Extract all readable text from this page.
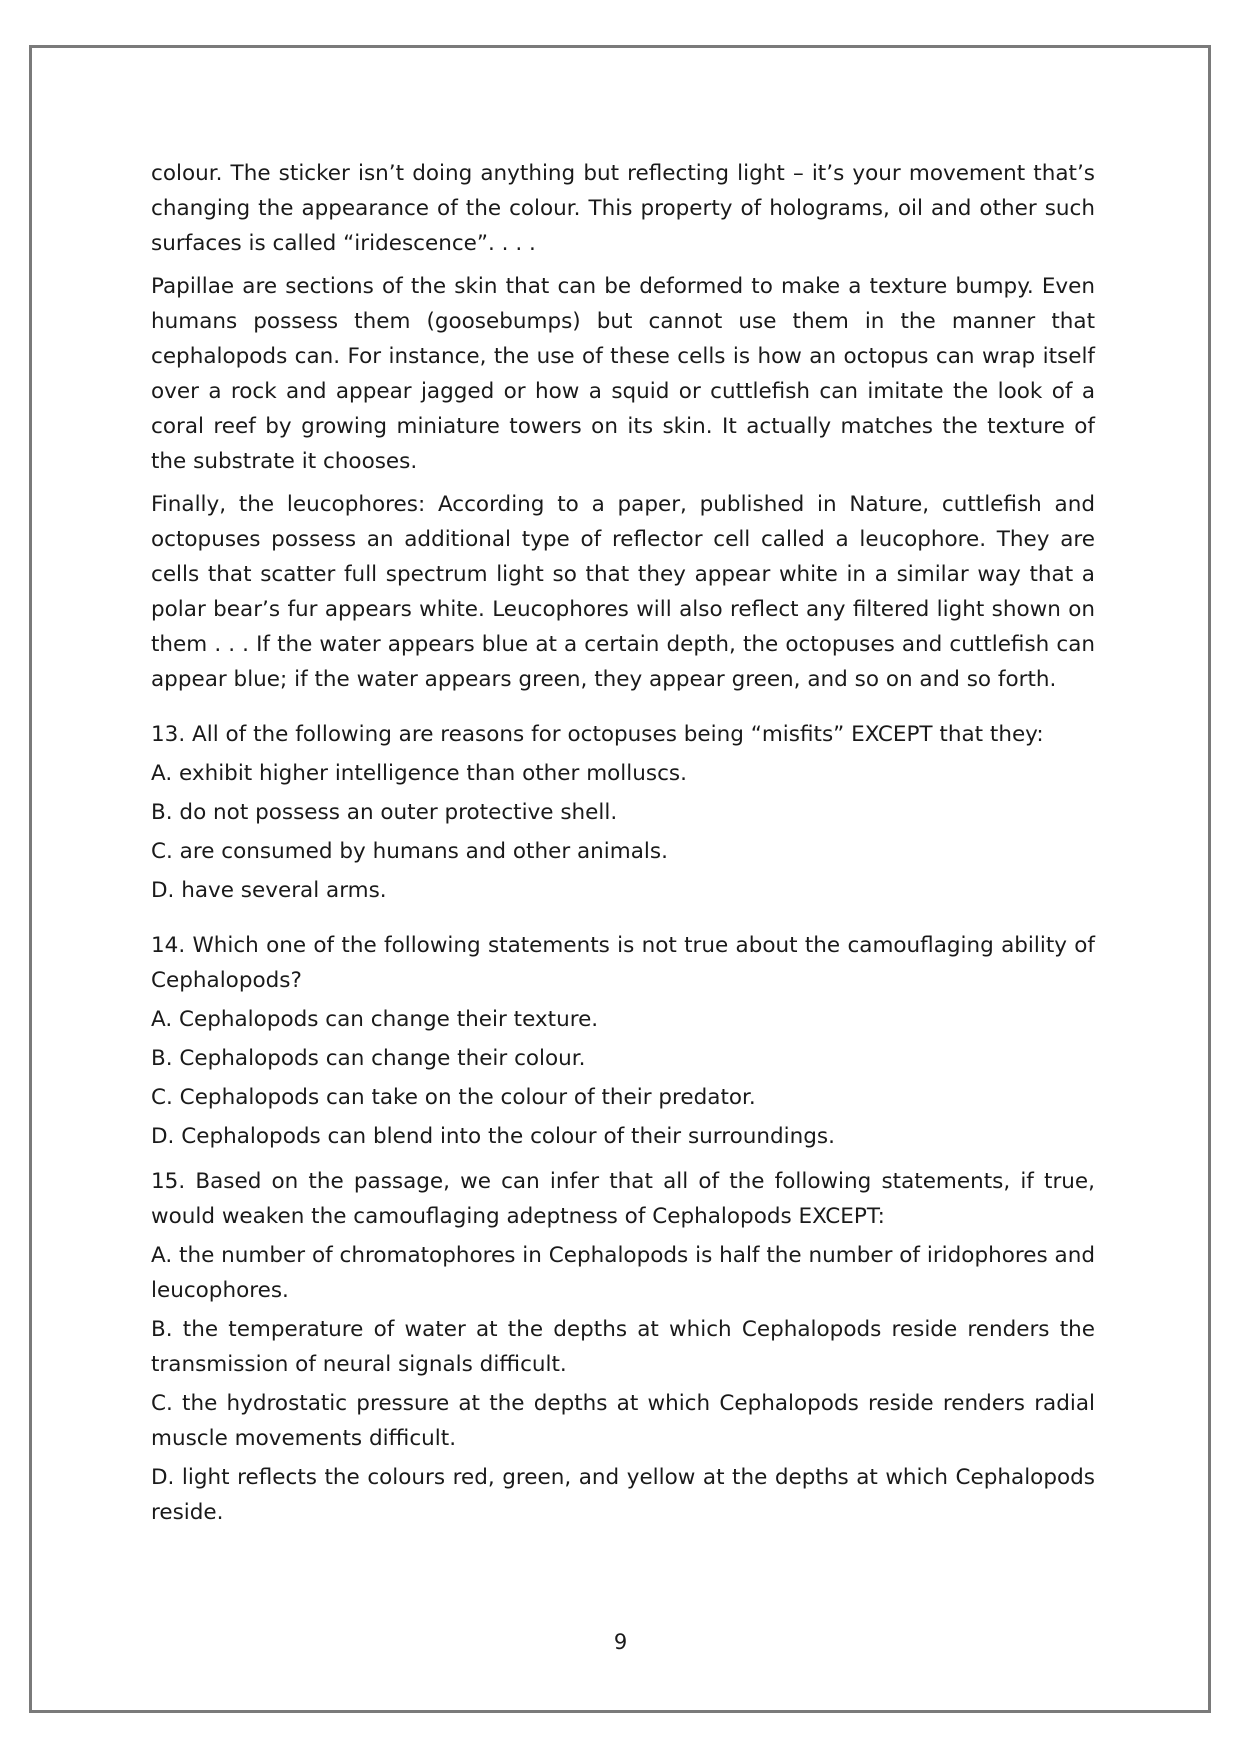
colour. The sticker isn’t doing anything but reflecting light – it’s your movement that’s changing the appearance of the colour. This property of holograms, oil and other such surfaces is called “iridescence”. . . .

Papillae are sections of the skin that can be deformed to make a texture bumpy. Even humans possess them (goosebumps) but cannot use them in the manner that cephalopods can. For instance, the use of these cells is how an octopus can wrap itself over a rock and appear jagged or how a squid or cuttlefish can imitate the look of a coral reef by growing miniature towers on its skin. It actually matches the texture of the substrate it chooses.

Finally, the leucophores: According to a paper, published in Nature, cuttlefish and octopuses possess an additional type of reflector cell called a leucophore. They are cells that scatter full spectrum light so that they appear white in a similar way that a polar bear’s fur appears white. Leucophores will also reflect any filtered light shown on them . . . If the water appears blue at a certain depth, the octopuses and cuttlefish can appear blue; if the water appears green, they appear green, and so on and so forth.

13. All of the following are reasons for octopuses being “misfits” EXCEPT that they:

A. exhibit higher intelligence than other molluscs.

B. do not possess an outer protective shell.

C. are consumed by humans and other animals.

D. have several arms.

14. Which one of the following statements is not true about the camouflaging ability of Cephalopods?

A. Cephalopods can change their texture.

B. Cephalopods can change their colour.

C. Cephalopods can take on the colour of their predator.

D. Cephalopods can blend into the colour of their surroundings.

15. Based on the passage, we can infer that all of the following statements, if true, would weaken the camouflaging adeptness of Cephalopods EXCEPT:

A. the number of chromatophores in Cephalopods is half the number of iridophores and leucophores.

B. the temperature of water at the depths at which Cephalopods reside renders the transmission of neural signals difficult.

C. the hydrostatic pressure at the depths at which Cephalopods reside renders radial muscle movements difficult.

D. light reflects the colours red, green, and yellow at the depths at which Cephalopods reside.

9
